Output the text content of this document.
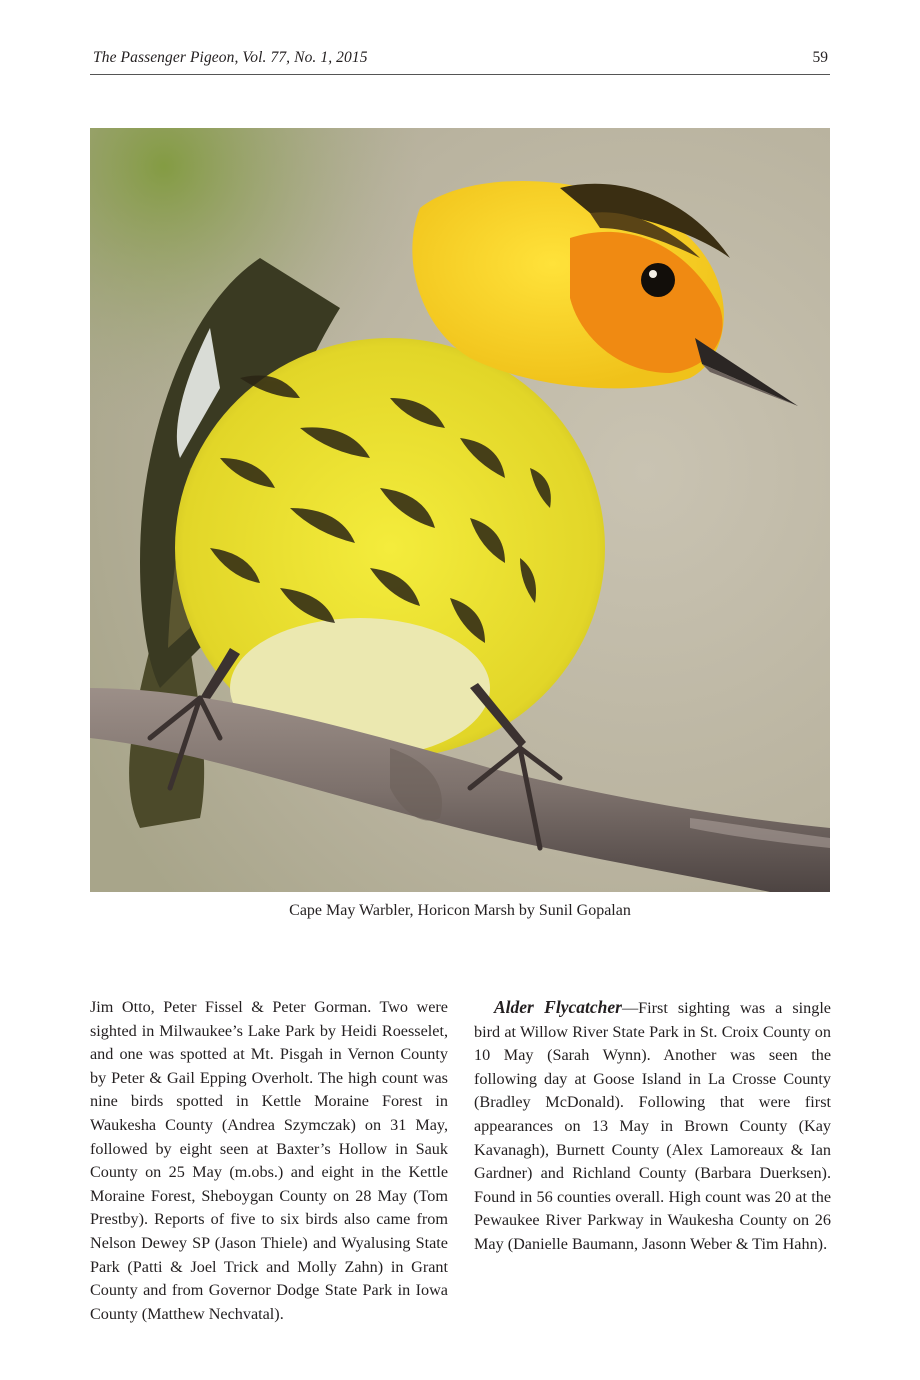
The Passenger Pigeon, Vol. 77, No. 1, 2015	59
Cape May Warbler, Horicon Marsh by Sunil Gopalan

Jim Otto, Peter Fissel & Peter Gorman. Two were sighted in Milwaukee’s Lake Park by Heidi Roesselet, and one was spotted at Mt. Pisgah in Vernon County by Peter & Gail Epping Overholt. The high count was nine birds spotted in Kettle Moraine Forest in Waukesha County (Andrea Szymczak) on 31 May, followed by eight seen at Baxter’s Hollow in Sauk County on 25 May (m.obs.) and eight in the Kettle Moraine Forest, Sheboygan County on 28 May (Tom Prestby). Reports of five to six birds also came from Nelson Dewey SP (Jason Thiele) and Wyalusing State Park (Patti & Joel Trick and Molly Zahn) in Grant County and from Governor Dodge State Park in Iowa County (Matthew Nechvatal).

Alder Flycatcher—First sighting was a single bird at Willow River State Park in St. Croix County on 10 May (Sarah Wynn). Another was seen the following day at Goose Island in La Crosse County (Bradley McDonald). Following that were first appearances on 13 May in Brown County (Kay Kavanagh), Burnett County (Alex Lamoreaux & Ian Gardner) and Richland County (Barbara Duerksen). Found in 56 counties overall. High count was 20 at the Pewaukee River Parkway in Waukesha County on 26 May (Danielle Baumann, Jasonn Weber & Tim Hahn).
